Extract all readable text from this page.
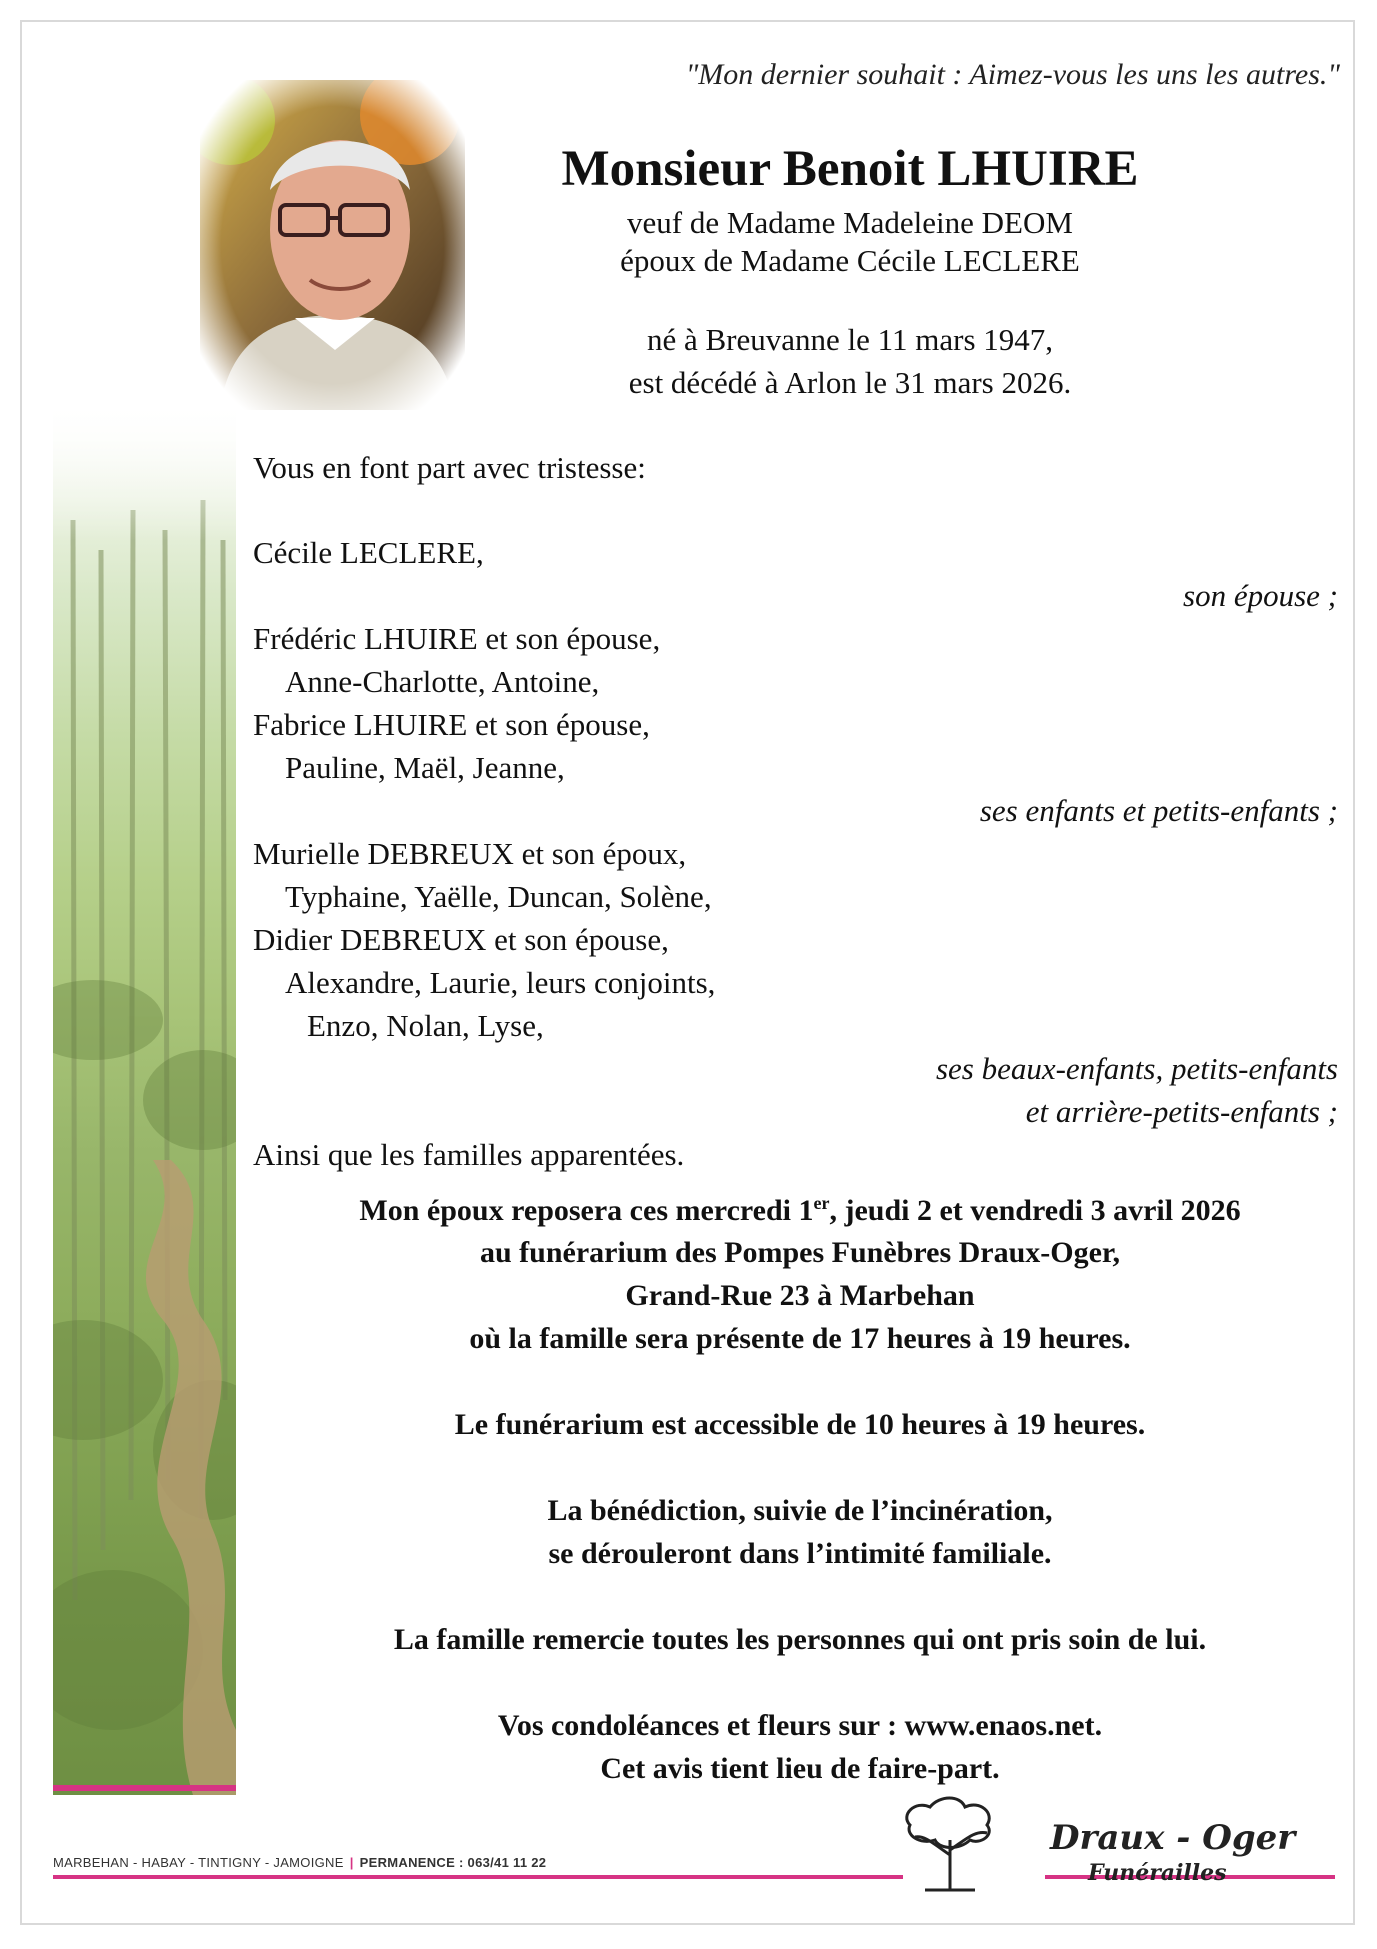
"Mon dernier souhait : Aimez-vous les uns les autres."
Monsieur Benoit LHUIRE
veuf de Madame Madeleine DEOM
époux de Madame Cécile LECLERE
né à Breuvanne le 11 mars 1947,
est décédé à Arlon le 31 mars 2026.
Vous en font part avec tristesse:
Cécile LECLERE,
son épouse ;
Frédéric LHUIRE et son épouse,
Anne-Charlotte, Antoine,
Fabrice LHUIRE et son épouse,
Pauline, Maël, Jeanne,
ses enfants et petits-enfants ;
Murielle DEBREUX et son époux,
Typhaine, Yaëlle, Duncan, Solène,
Didier DEBREUX et son épouse,
Alexandre, Laurie, leurs conjoints,
Enzo, Nolan, Lyse,
ses beaux-enfants, petits-enfants
et arrière-petits-enfants ;
Ainsi que les familles apparentées.
Mon époux reposera ces mercredi 1er, jeudi 2 et vendredi 3 avril 2026
au funérarium des Pompes Funèbres Draux-Oger,
Grand-Rue 23 à Marbehan
où la famille sera présente de 17 heures à 19 heures.
Le funérarium est accessible de 10 heures à 19 heures.
La bénédiction, suivie de l’incinération,
se dérouleront dans l’intimité familiale.
La famille remercie toutes les personnes qui ont pris soin de lui.
Vos condoléances et fleurs sur : www.enaos.net.
Cet avis tient lieu de faire-part.
MARBEHAN - HABAY - TINTIGNY - JAMOIGNE | PERMANENCE : 063/41 11 22
Draux - Oger
Funérailles
